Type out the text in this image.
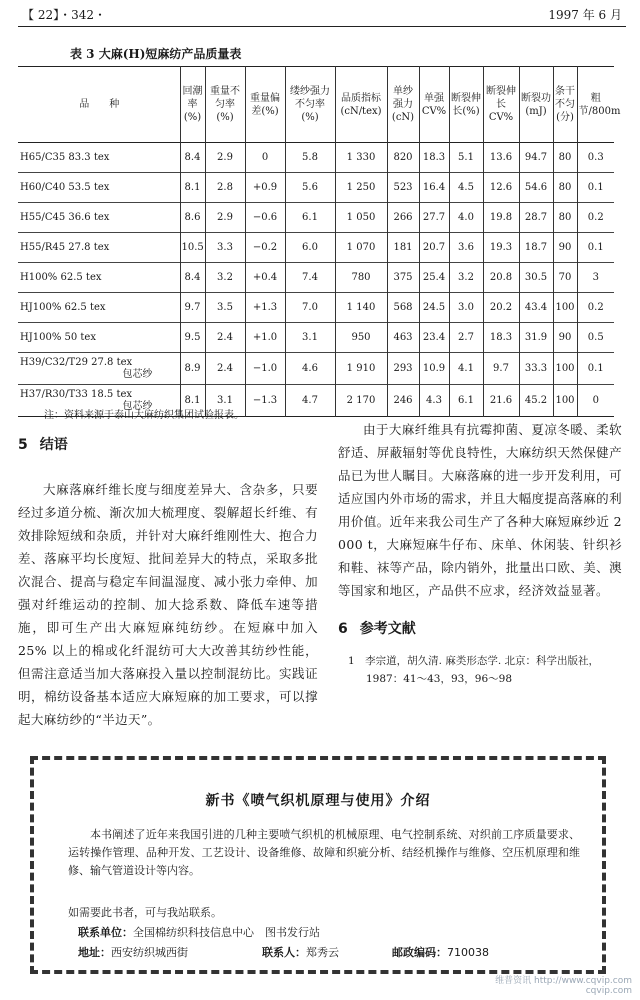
【 22】・342・	1997 年 6 月
表 3 大麻(H)短麻纺产品质量表
品　　种	回潮率(%)	重量不匀率(%)	重量偏差(%)	缕纱强力不匀率(%)	品质指标(cN/tex)	单纱强力(cN)	单强CV%	断裂伸长(%)	断裂伸长CV%	断裂功(mJ)	条干不匀(分)	粗节/800m
H65/C35 83.3 tex	8.4	2.9	0	5.8	1 330	820	18.3	5.1	13.6	94.7	80	0.3
H60/C40 53.5 tex	8.1	2.8	+0.9	5.6	1 250	523	16.4	4.5	12.6	54.6	80	0.1
H55/C45 36.6 tex	8.6	2.9	−0.6	6.1	1 050	266	27.7	4.0	19.8	28.7	80	0.2
H55/R45 27.8 tex	10.5	3.3	−0.2	6.0	1 070	181	20.7	3.6	19.3	18.7	90	0.1
H100% 62.5 tex	8.4	3.2	+0.4	7.4	780	375	25.4	3.2	20.8	30.5	70	3
HJ100% 62.5 tex	9.7	3.5	+1.3	7.0	1 140	568	24.5	3.0	20.2	43.4	100	0.2
HJ100% 50 tex	9.5	2.4	+1.0	3.1	950	463	23.4	2.7	18.3	31.9	90	0.5

H39/C32/T29 27.8 tex
包芯纱	8.9	2.4	−1.0	4.6	1 910	293	10.9	4.1	9.7	33.3	100	0.1

H37/R30/T33 18.5 tex
包芯纱	8.1	3.1	−1.3	4.7	2 170	246	4.3	6.1	21.6	45.2	100	0
注：资料来源于泰山大麻纺织集团试验报表。
5 结语

大麻落麻纤维长度与细度差异大、含杂多，只要经过多道分梳、渐次加大梳理度、裂解超长纤维、有效排除短绒和杂质，并针对大麻纤维刚性大、抱合力差、落麻平均长度短、批间差异大的特点，采取多批次混合、提高与稳定车间温湿度、减小张力牵伸、加强对纤维运动的控制、加大捻系数、降低车速等措施，即可生产出大麻短麻纯纺纱。在短麻中加入 25% 以上的棉或化纤混纺可大大改善其纺纱性能，但需注意适当加大落麻投入量以控制混纺比。实践证明，棉纺设备基本适应大麻短麻的加工要求，可以撑起大麻纺纱的“半边天”。

由于大麻纤维具有抗霉抑菌、夏凉冬暖、柔软舒适、屏蔽辐射等优良特性，大麻纺织天然保健产品已为世人瞩目。大麻落麻的进一步开发利用，可适应国内外市场的需求，并且大幅度提高落麻的利用价值。近年来我公司生产了各种大麻短麻纱近 2 000 t，大麻短麻牛仔布、床单、休闲装、针织衫和鞋、袜等产品，除内销外，批量出口欧、美、澳等国家和地区，产品供不应求，经济效益显著。

6 参考文献

1　李宗道，胡久清. 麻类形态学. 北京：科学出版社，1987：41～43，93，96～98

新书《喷气织机原理与使用》介绍

本书阐述了近年来我国引进的几种主要喷气织机的机械原理、电气控制系统、对织前工序质量要求、运转操作管理、品种开发、工艺设计、设备维修、故障和织疵分析、结经机操作与维修、空压机原理和维修、输气管道设计等内容。

如需要此书者，可与我站联系。
联系单位：全国棉纺织科技信息中心　图书发行站
地址：西安纺织城西街	联系人：郑秀云	邮政编码：710038
维普资讯 http://www.cqvip.com
cqvip.com
